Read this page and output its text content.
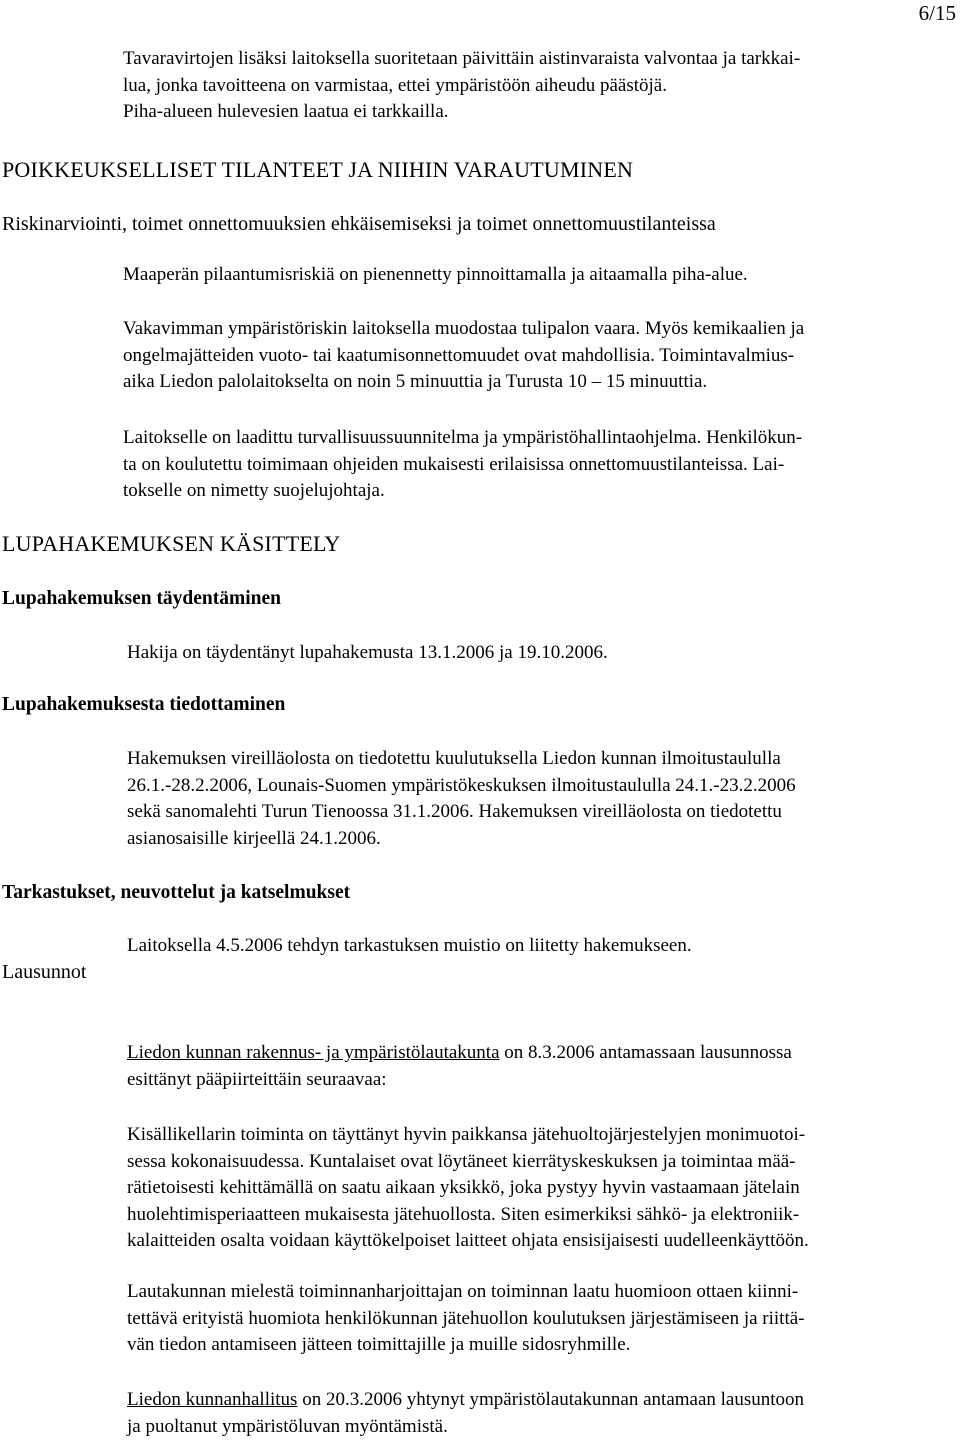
6/15

Tavaravirtojen lisäksi laitoksella suoritetaan päivittäin aistinvaraista valvontaa ja tarkkai-

lua, jonka tavoitteena on varmistaa, ettei ympäristöön aiheudu päästöjä.

Piha-alueen hulevesien laatua ei tarkkailla.

POIKKEUKSELLISET TILANTEET JA NIIHIN VARAUTUMINEN
Riskinarviointi, toimet onnettomuuksien ehkäisemiseksi ja toimet onnettomuustilanteissa

Maaperän pilaantumisriskiä on pienennetty pinnoittamalla ja aitaamalla piha-alue.

Vakavimman ympäristöriskin laitoksella muodostaa tulipalon vaara. Myös kemikaalien ja

ongelmajätteiden vuoto- tai kaatumisonnettomuudet ovat mahdollisia. Toimintavalmius-

aika Liedon palolaitokselta on noin 5 minuuttia ja Turusta 10 – 15 minuuttia.

Laitokselle on laadittu turvallisuussuunnitelma ja ympäristöhallintaohjelma. Henkilökun-

ta on koulutettu toimimaan ohjeiden mukaisesti erilaisissa onnettomuustilanteissa. Lai-

tokselle on nimetty suojelujohtaja.

LUPAHAKEMUKSEN KÄSITTELY
Lupahakemuksen täydentäminen

Hakija on täydentänyt lupahakemusta 13.1.2006 ja 19.10.2006.

Lupahakemuksesta tiedottaminen

Hakemuksen vireilläolosta on tiedotettu kuulutuksella Liedon kunnan ilmoitustaululla

26.1.-28.2.2006, Lounais-Suomen ympäristökeskuksen ilmoitustaululla 24.1.-23.2.2006

sekä sanomalehti Turun Tienoossa 31.1.2006. Hakemuksen vireilläolosta on tiedotettu

asianosaisille kirjeellä 24.1.2006.

Tarkastukset, neuvottelut ja katselmukset

Laitoksella 4.5.2006 tehdyn tarkastuksen muistio on liitetty hakemukseen.

Lausunnot

Liedon kunnan rakennus- ja ympäristölautakunta on 8.3.2006 antamassaan lausunnossa

esittänyt pääpiirteittäin seuraavaa:

Kisällikellarin toiminta on täyttänyt hyvin paikkansa jätehuoltojärjestelyjen monimuotoi-

sessa kokonaisuudessa. Kuntalaiset ovat löytäneet kierrätyskeskuksen ja toimintaa mää-

rätietoisesti kehittämällä on saatu aikaan yksikkö, joka pystyy hyvin vastaamaan jätelain

huolehtimisperiaatteen mukaisesta jätehuollosta. Siten esimerkiksi sähkö- ja elektroniik-

kalaitteiden osalta voidaan käyttökelpoiset laitteet ohjata ensisijaisesti uudelleenkäyttöön.

Lautakunnan mielestä toiminnanharjoittajan on toiminnan laatu huomioon ottaen kiinni-

tettävä erityistä huomiota henkilökunnan jätehuollon koulutuksen järjestämiseen ja riittä-

vän tiedon antamiseen jätteen toimittajille ja muille sidosryhmille.

Liedon kunnanhallitus on 20.3.2006 yhtynyt ympäristölautakunnan antamaan lausuntoon

ja puoltanut ympäristöluvan myöntämistä.
